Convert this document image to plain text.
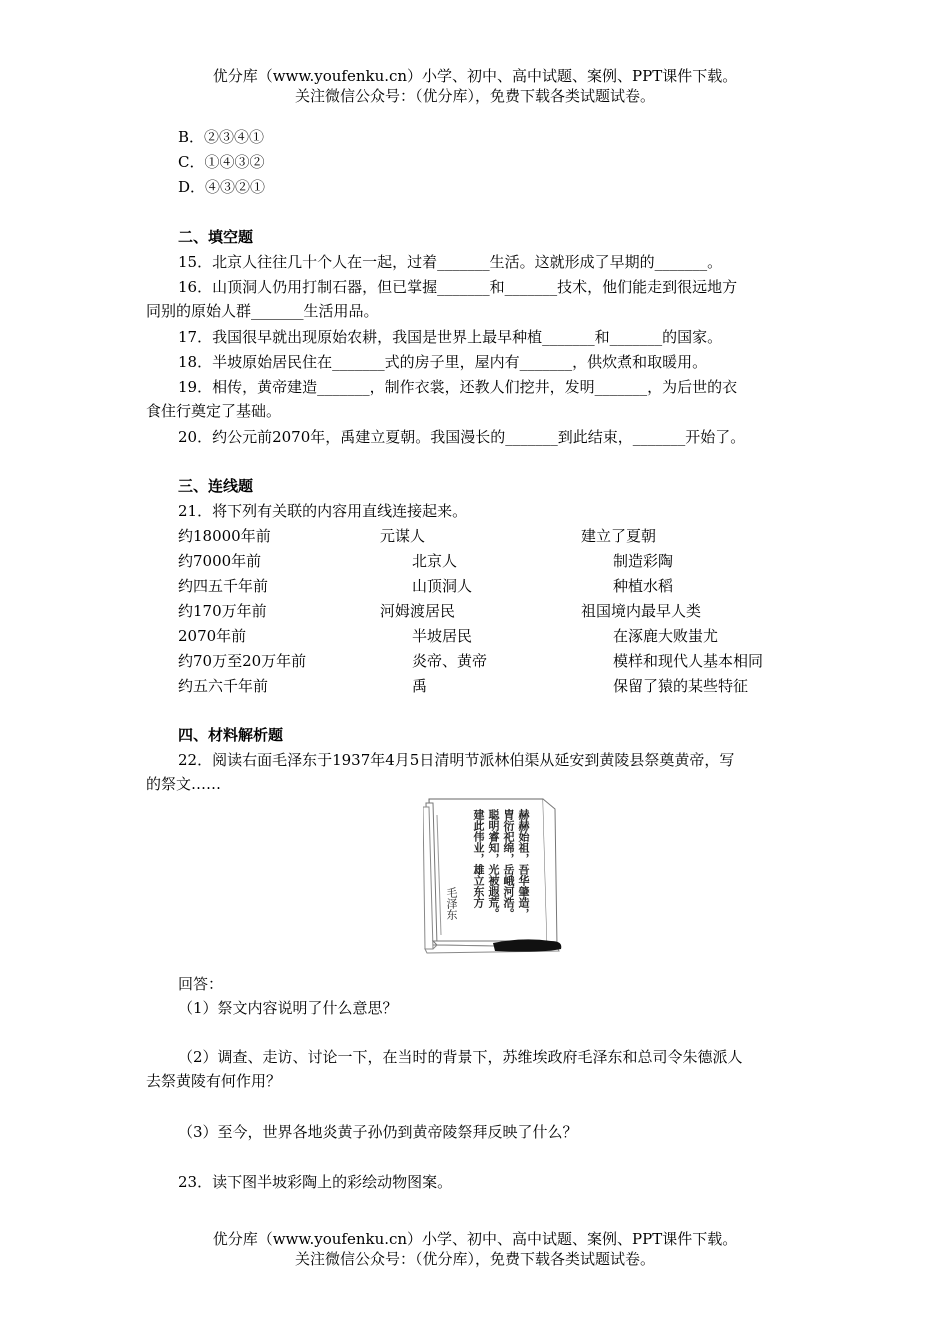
优分库（www.youfenku.cn）小学、初中、高中试题、案例、PPT课件下载。
关注微信公众号：（优分库），免费下载各类试题试卷。
B．②③④①
C．①④③②
D．④③②①
二、填空题
15．北京人往往几十个人在一起，过着_______生活。这就形成了早期的_______。
16．山顶洞人仍用打制石器，但已掌握_______和_______技术，他们能走到很远地方
同别的原始人群_______生活用品。
17．我国很早就出现原始农耕，我国是世界上最早种植_______和_______的国家。
18．半坡原始居民住在_______式的房子里，屋内有_______，供炊煮和取暖用。
19．相传，黄帝建造_______，制作衣裳，还教人们挖井，发明_______，为后世的衣
食住行奠定了基础。
20．约公元前2070年，禹建立夏朝。我国漫长的_______到此结束，_______开始了。
三、连线题
21．将下列有关联的内容用直线连接起来。
约18000年前
约7000年前
约四五千年前
约170万年前
2070年前
约70万至20万年前
约五六千年前
元谋人
北京人
山顶洞人
河姆渡居民
半坡居民
炎帝、黄帝
禹
建立了夏朝
制造彩陶
种植水稻
祖国境内最早人类
在涿鹿大败蚩尤
模样和现代人基本相同
保留了猿的某些特征
四、材料解析题
22．阅读右面毛泽东于1937年4月5日清明节派林伯渠从延安到黄陵县祭奠黄帝，写
的祭文……
赫赫始祖，吾华肇造，
胄衍祀绵，岳峨河浩。
聪明睿知，光被遐荒。
建此伟业，雄立东方
毛泽东
回答：
（1）祭文内容说明了什么意思？
（2）调查、走访、讨论一下，在当时的背景下，苏维埃政府毛泽东和总司令朱德派人
去祭黄陵有何作用？
（3）至今，世界各地炎黄子孙仍到黄帝陵祭拜反映了什么？
23．读下图半坡彩陶上的彩绘动物图案。
优分库（www.youfenku.cn）小学、初中、高中试题、案例、PPT课件下载。
关注微信公众号：（优分库），免费下载各类试题试卷。
